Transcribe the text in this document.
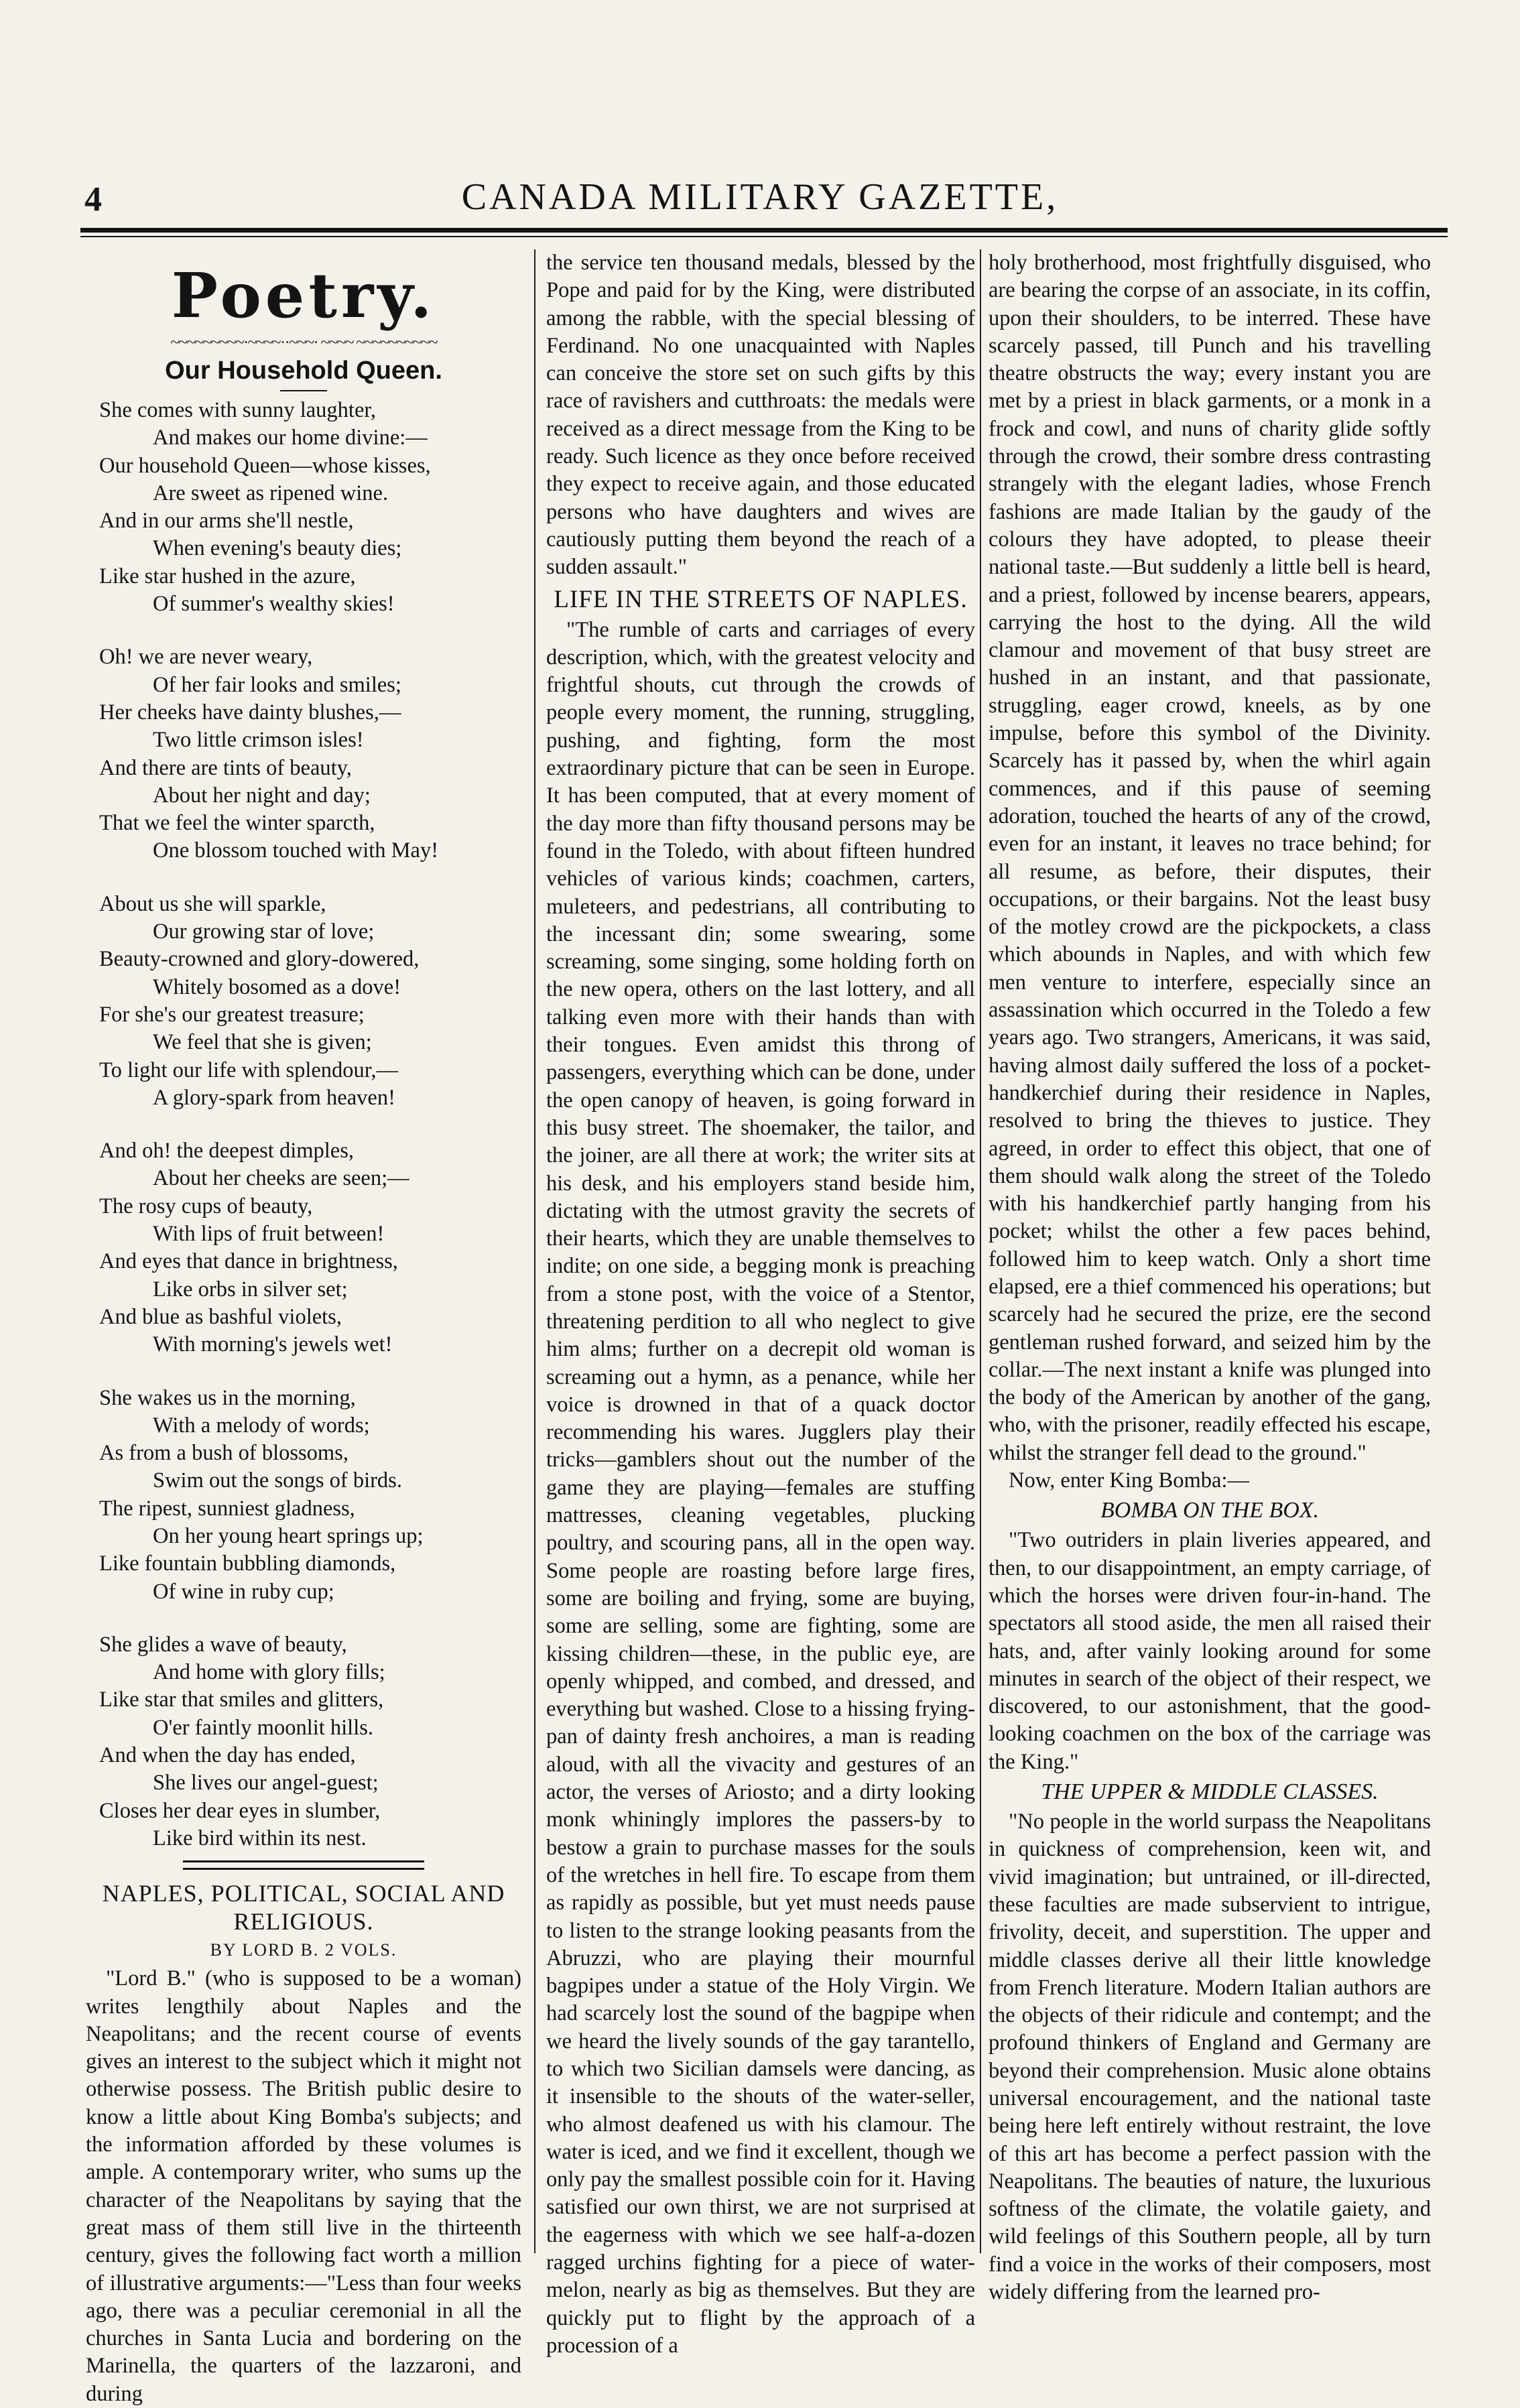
4	CANADA MILITARY GAZETTE,
Poetry.
~~~~~~~~~·~~~~··~~~· ~~~~ ~~~~~~~~~~
Our Household Queen.
She comes with sunny laughter,
And makes our home divine:—
Our household Queen—whose kisses,
Are sweet as ripened wine.
And in our arms she'll nestle,
When evening's beauty dies;
Like star hushed in the azure,
Of summer's wealthy skies!
Oh! we are never weary,
Of her fair looks and smiles;
Her cheeks have dainty blushes,—
Two little crimson isles!
And there are tints of beauty,
About her night and day;
That we feel the winter sparcth,
One blossom touched with May!
About us she will sparkle,
Our growing star of love;
Beauty-crowned and glory-dowered,
Whitely bosomed as a dove!
For she's our greatest treasure;
We feel that she is given;
To light our life with splendour,—
A glory-spark from heaven!
And oh! the deepest dimples,
About her cheeks are seen;—
The rosy cups of beauty,
With lips of fruit between!
And eyes that dance in brightness,
Like orbs in silver set;
And blue as bashful violets,
With morning's jewels wet!
She wakes us in the morning,
With a melody of words;
As from a bush of blossoms,
Swim out the songs of birds.
The ripest, sunniest gladness,
On her young heart springs up;
Like fountain bubbling diamonds,
Of wine in ruby cup;
She glides a wave of beauty,
And home with glory fills;
Like star that smiles and glitters,
O'er faintly moonlit hills.
And when the day has ended,
She lives our angel-guest;
Closes her dear eyes in slumber,
Like bird within its nest.
NAPLES, POLITICAL, SOCIAL AND RELIGIOUS.
BY LORD B. 2 VOLS.

"Lord B." (who is supposed to be a woman) writes lengthily about Naples and the Neapolitans; and the recent course of events gives an interest to the subject which it might not otherwise possess. The British public desire to know a little about King Bomba's subjects; and the information afforded by these volumes is ample. A contemporary writer, who sums up the character of the Neapolitans by saying that the great mass of them still live in the thirteenth century, gives the following fact worth a million of illustrative arguments:—"Less than four weeks ago, there was a peculiar ceremonial in all the churches in Santa Lucia and bordering on the Marinella, the quarters of the lazzaroni, and during

the service ten thousand medals, blessed by the Pope and paid for by the King, were distributed among the rabble, with the special blessing of Ferdinand. No one unacquainted with Naples can conceive the store set on such gifts by this race of ravishers and cutthroats: the medals were received as a direct message from the King to be ready. Such licence as they once before received they expect to receive again, and those educated persons who have daughters and wives are cautiously putting them beyond the reach of a sudden assault."

LIFE IN THE STREETS OF NAPLES.

"The rumble of carts and carriages of every description, which, with the greatest velocity and frightful shouts, cut through the crowds of people every moment, the running, struggling, pushing, and fighting, form the most extraordinary picture that can be seen in Europe. It has been computed, that at every moment of the day more than fifty thousand persons may be found in the Toledo, with about fifteen hundred vehicles of various kinds; coachmen, carters, muleteers, and pedestrians, all contributing to the incessant din; some swearing, some screaming, some singing, some holding forth on the new opera, others on the last lottery, and all talking even more with their hands than with their tongues. Even amidst this throng of passengers, everything which can be done, under the open canopy of heaven, is going forward in this busy street. The shoemaker, the tailor, and the joiner, are all there at work; the writer sits at his desk, and his employers stand beside him, dictating with the utmost gravity the secrets of their hearts, which they are unable themselves to indite; on one side, a begging monk is preaching from a stone post, with the voice of a Stentor, threatening perdition to all who neglect to give him alms; further on a decrepit old woman is screaming out a hymn, as a penance, while her voice is drowned in that of a quack doctor recommending his wares. Jugglers play their tricks—gamblers shout out the number of the game they are playing—females are stuffing mattresses, cleaning vegetables, plucking poultry, and scouring pans, all in the open way. Some people are roasting before large fires, some are boiling and frying, some are buying, some are selling, some are fighting, some are kissing children—these, in the public eye, are openly whipped, and combed, and dressed, and everything but washed. Close to a hissing frying-pan of dainty fresh anchoires, a man is reading aloud, with all the vivacity and gestures of an actor, the verses of Ariosto; and a dirty looking monk whiningly implores the passers-by to bestow a grain to purchase masses for the souls of the wretches in hell fire. To escape from them as rapidly as possible, but yet must needs pause to listen to the strange looking peasants from the Abruzzi, who are playing their mournful bagpipes under a statue of the Holy Virgin. We had scarcely lost the sound of the bagpipe when we heard the lively sounds of the gay tarantello, to which two Sicilian damsels were dancing, as it insensible to the shouts of the water-seller, who almost deafened us with his clamour. The water is iced, and we find it excellent, though we only pay the smallest possible coin for it. Having satisfied our own thirst, we are not surprised at the eagerness with which we see half-a-dozen ragged urchins fighting for a piece of water-melon, nearly as big as themselves. But they are quickly put to flight by the approach of a procession of a

holy brotherhood, most frightfully disguised, who are bearing the corpse of an associate, in its coffin, upon their shoulders, to be interred. These have scarcely passed, till Punch and his travelling theatre obstructs the way; every instant you are met by a priest in black garments, or a monk in a frock and cowl, and nuns of charity glide softly through the crowd, their sombre dress contrasting strangely with the elegant ladies, whose French fashions are made Italian by the gaudy of the colours they have adopted, to please theeir national taste.—But suddenly a little bell is heard, and a priest, followed by incense bearers, appears, carrying the host to the dying. All the wild clamour and movement of that busy street are hushed in an instant, and that passionate, struggling, eager crowd, kneels, as by one impulse, before this symbol of the Divinity. Scarcely has it passed by, when the whirl again commences, and if this pause of seeming adoration, touched the hearts of any of the crowd, even for an instant, it leaves no trace behind; for all resume, as before, their disputes, their occupations, or their bargains. Not the least busy of the motley crowd are the pickpockets, a class which abounds in Naples, and with which few men venture to interfere, especially since an assassination which occurred in the Toledo a few years ago. Two strangers, Americans, it was said, having almost daily suffered the loss of a pocket-handkerchief during their residence in Naples, resolved to bring the thieves to justice. They agreed, in order to effect this object, that one of them should walk along the street of the Toledo with his handkerchief partly hanging from his pocket; whilst the other a few paces behind, followed him to keep watch. Only a short time elapsed, ere a thief commenced his operations; but scarcely had he secured the prize, ere the second gentleman rushed forward, and seized him by the collar.—The next instant a knife was plunged into the body of the American by another of the gang, who, with the prisoner, readily effected his escape, whilst the stranger fell dead to the ground."

Now, enter King Bomba:—

BOMBA ON THE BOX.

"Two outriders in plain liveries appeared, and then, to our disappointment, an empty carriage, of which the horses were driven four-in-hand. The spectators all stood aside, the men all raised their hats, and, after vainly looking around for some minutes in search of the object of their respect, we discovered, to our astonishment, that the good-looking coachmen on the box of the carriage was the King."

THE UPPER & MIDDLE CLASSES.

"No people in the world surpass the Neapolitans in quickness of comprehension, keen wit, and vivid imagination; but untrained, or ill-directed, these faculties are made subservient to intrigue, frivolity, deceit, and superstition. The upper and middle classes derive all their little knowledge from French literature. Modern Italian authors are the objects of their ridicule and contempt; and the profound thinkers of England and Germany are beyond their comprehension. Music alone obtains universal encouragement, and the national taste being here left entirely without restraint, the love of this art has become a perfect passion with the Neapolitans. The beauties of nature, the luxurious softness of the climate, the volatile gaiety, and wild feelings of this Southern people, all by turn find a voice in the works of their composers, most widely differing from the learned pro-
